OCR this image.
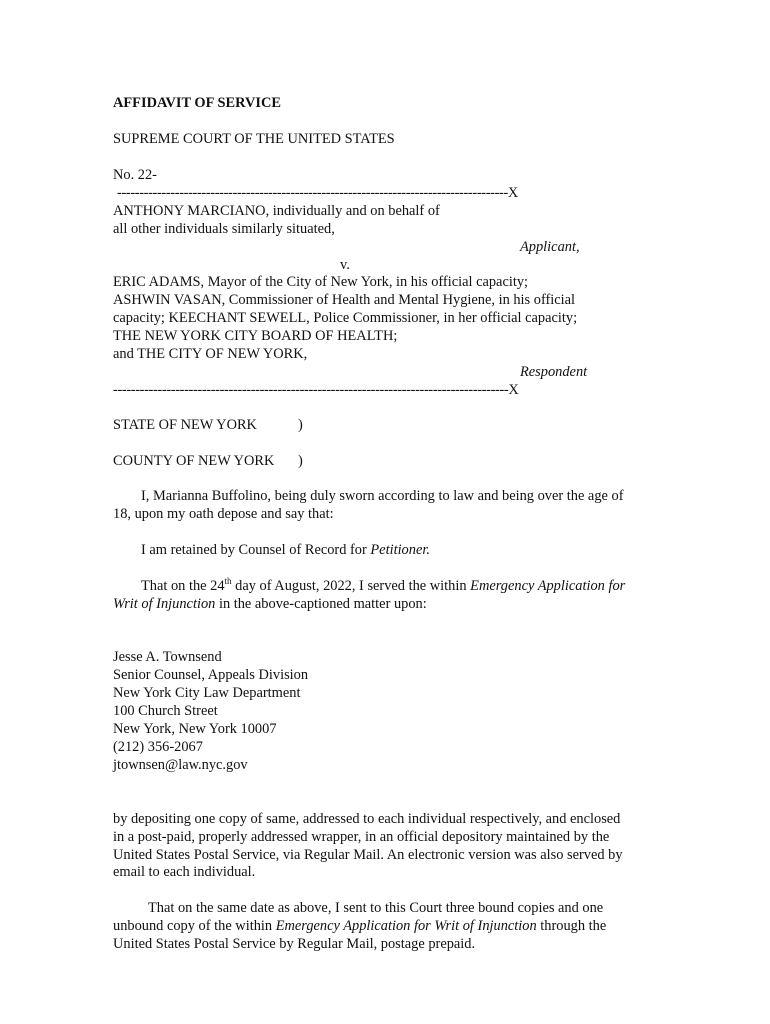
AFFIDAVIT OF SERVICE
SUPREME COURT OF THE UNITED STATES
No. 22-
----------------------------------------------------------------------------------------X
ANTHONY MARCIANO, individually and on behalf of
all other individuals similarly situated,
Applicant,
v.
ERIC ADAMS, Mayor of the City of New York, in his official capacity;
ASHWIN VASAN, Commissioner of Health and Mental Hygiene, in his official
capacity; KEECHANT SEWELL, Police Commissioner, in her official capacity;
THE NEW YORK CITY BOARD OF HEALTH;
and THE CITY OF NEW YORK,
Respondent
-----------------------------------------------------------------------------------------X
STATE OF NEW YORK	)
COUNTY OF NEW YORK )
I, Marianna Buffolino, being duly sworn according to law and being over the age of
18, upon my oath depose and say that:
I am retained by Counsel of Record for Petitioner.
That on the 24th day of August, 2022, I served the within Emergency Application for
Writ of Injunction in the above-captioned matter upon:
Jesse A. Townsend
Senior Counsel, Appeals Division
New York City Law Department
100 Church Street
New York, New York 10007
(212) 356-2067
jtownsen@law.nyc.gov
by depositing one copy of same, addressed to each individual respectively, and enclosed
in a post-paid, properly addressed wrapper, in an official depository maintained by the
United States Postal Service, via Regular Mail. An electronic version was also served by
email to each individual.
That on the same date as above, I sent to this Court three bound copies and one
unbound copy of the within Emergency Application for Writ of Injunction through the
United States Postal Service by Regular Mail, postage prepaid.
